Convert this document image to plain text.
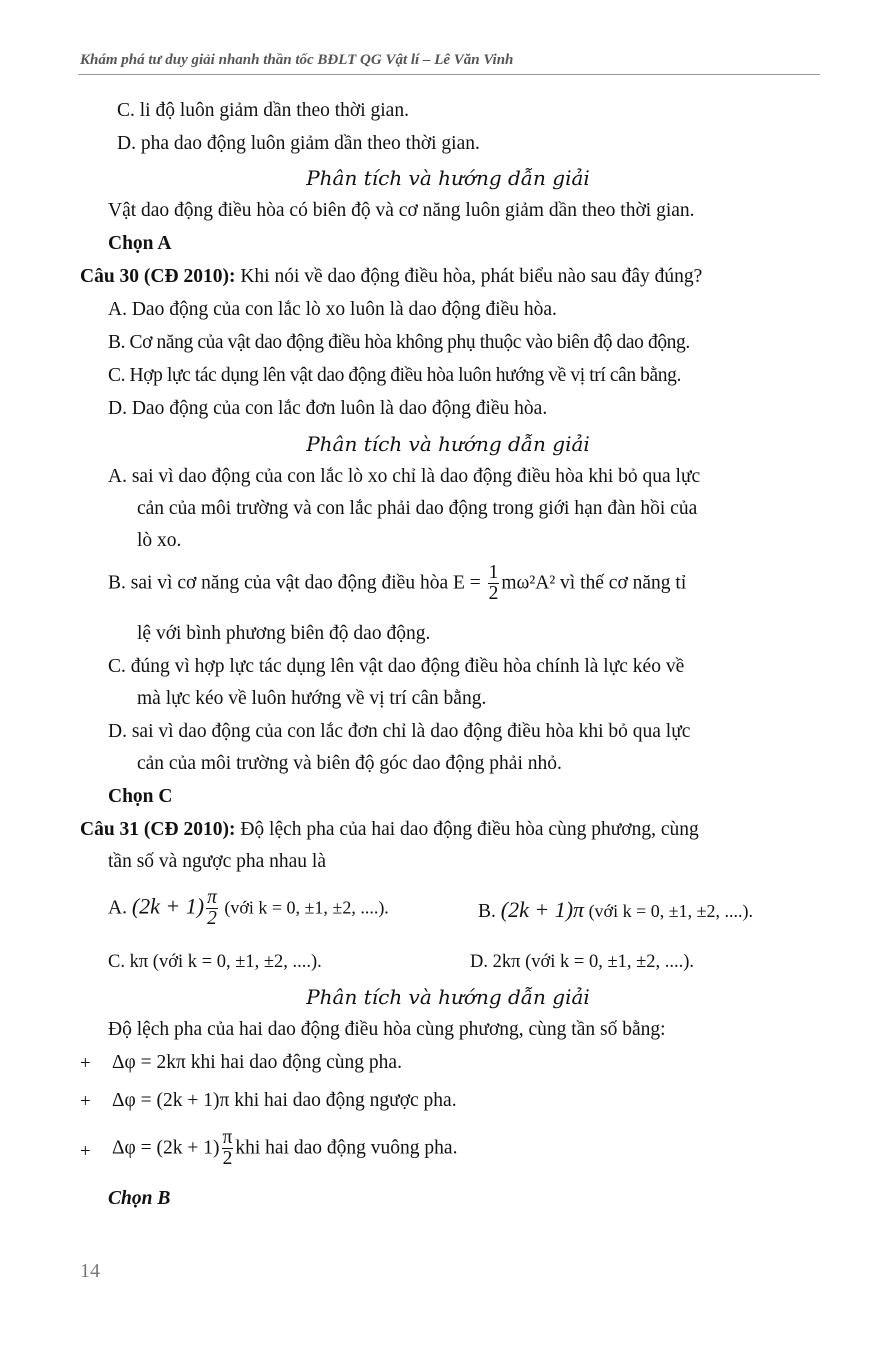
Khám phá tư duy giải nhanh thần tốc BĐLT QG Vật lí – Lê Văn Vinh
C. li độ luôn giảm dần theo thời gian.
D. pha dao động luôn giảm dần theo thời gian.
Phân tích và hướng dẫn giải
Vật dao động điều hòa có biên độ và cơ năng luôn giảm dần theo thời gian.
Chọn A
Câu 30 (CĐ 2010): Khi nói về dao động điều hòa, phát biểu nào sau đây đúng?
A. Dao động của con lắc lò xo luôn là dao động điều hòa.
B. Cơ năng của vật dao động điều hòa không phụ thuộc vào biên độ dao động.
C. Hợp lực tác dụng lên vật dao động điều hòa luôn hướng về vị trí cân bằng.
D. Dao động của con lắc đơn luôn là dao động điều hòa.
Phân tích và hướng dẫn giải
A. sai vì dao động của con lắc lò xo chỉ là dao động điều hòa khi bỏ qua lực
cản của môi trường và con lắc phải dao động trong giới hạn đàn hồi của
lò xo.
B. sai vì cơ năng của vật dao động điều hòa $E = \frac{1}{2} m\omega^2A^2$ vì thế cơ năng tỉ
lệ với bình phương biên độ dao động.
C. đúng vì hợp lực tác dụng lên vật dao động điều hòa chính là lực kéo về
mà lực kéo về luôn hướng về vị trí cân bằng.
D. sai vì dao động của con lắc đơn chỉ là dao động điều hòa khi bỏ qua lực
cản của môi trường và biên độ góc dao động phải nhỏ.
Chọn C
Câu 31 (CĐ 2010): Độ lệch pha của hai dao động điều hòa cùng phương, cùng
tần số và ngược pha nhau là
A. $(2k + 1) \frac{\pi}{2}$ (với k = 0, ±1, ±2, ....).	B. (2k + 1)π (với k = 0, ±1, ±2, ....).
C. kπ (với k = 0, ±1, ±2, ....).	D. 2kπ (với k = 0, ±1, ±2, ....).
Phân tích và hướng dẫn giải
Độ lệch pha của hai dao động điều hòa cùng phương, cùng tần số bằng:
+ Δφ = 2kπ khi hai dao động cùng pha.
+ Δφ = (2k + 1)π khi hai dao động ngược pha.
+ $\Delta\varphi = (2k + 1) \frac{\pi}{2}$ khi hai dao động vuông pha.
Chọn B
14
